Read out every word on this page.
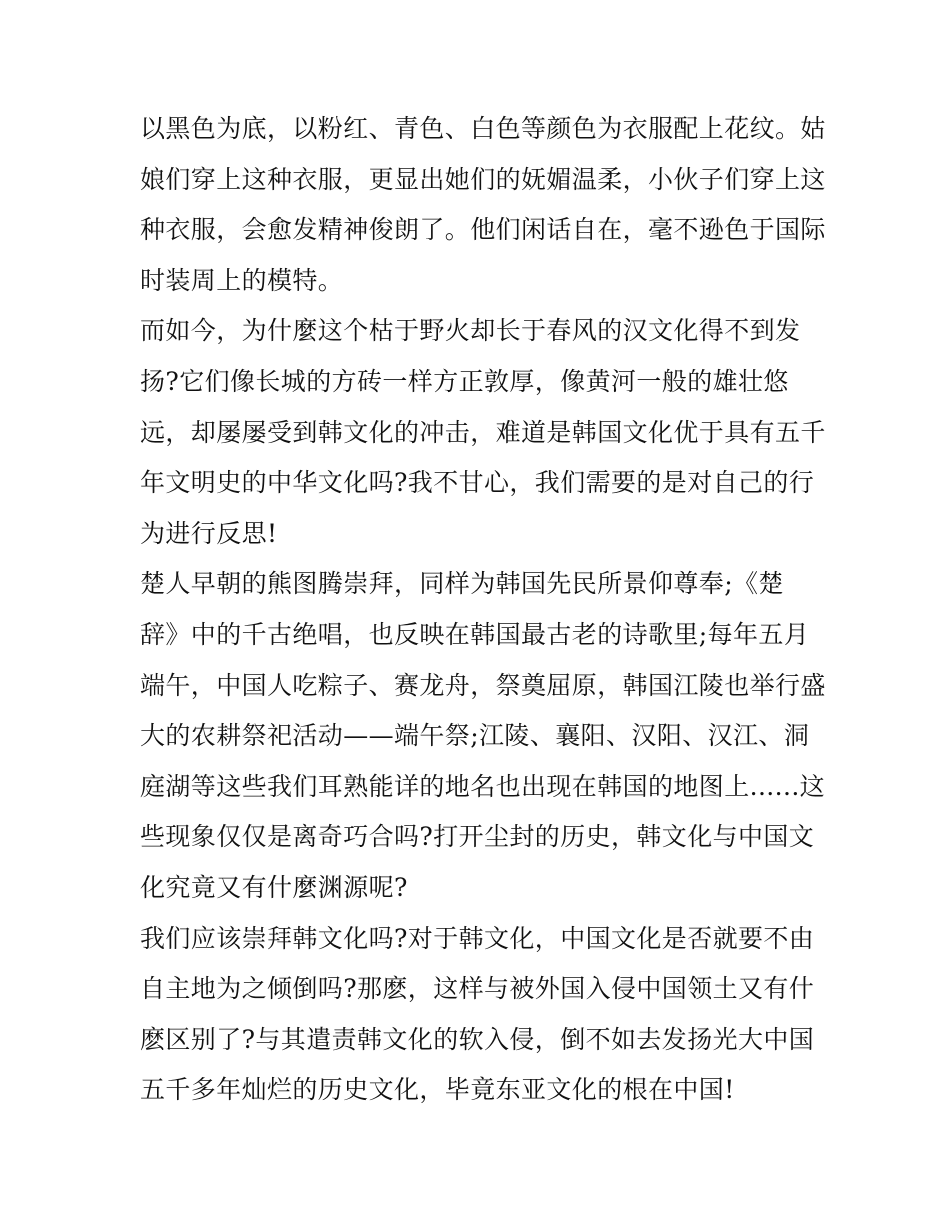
以黑色为底，以粉红、青色、白色等颜色为衣服配上花纹。姑
娘们穿上这种衣服，更显出她们的妩媚温柔，小伙子们穿上这
种衣服，会愈发精神俊朗了。他们闲话自在，毫不逊色于国际
时装周上的模特。
而如今，为什麼这个枯于野火却长于春风的汉文化得不到发
扬?它们像长城的方砖一样方正敦厚，像黄河一般的雄壮悠
远，却屡屡受到韩文化的冲击，难道是韩国文化优于具有五千
年文明史的中华文化吗?我不甘心，我们需要的是对自己的行
为进行反思!
楚人早朝的熊图腾崇拜，同样为韩国先民所景仰尊奉;《楚
辞》中的千古绝唱，也反映在韩国最古老的诗歌里;每年五月
端午，中国人吃粽子、赛龙舟，祭奠屈原，韩国江陵也举行盛
大的农耕祭祀活动——端午祭;江陵、襄阳、汉阳、汉江、洞
庭湖等这些我们耳熟能详的地名也出现在韩国的地图上......这
些现象仅仅是离奇巧合吗?打开尘封的历史，韩文化与中国文
化究竟又有什麼渊源呢?
我们应该崇拜韩文化吗?对于韩文化，中国文化是否就要不由
自主地为之倾倒吗?那麽，这样与被外国入侵中国领土又有什
麽区别了?与其遣责韩文化的软入侵，倒不如去发扬光大中国
五千多年灿烂的历史文化，毕竟东亚文化的根在中国!
